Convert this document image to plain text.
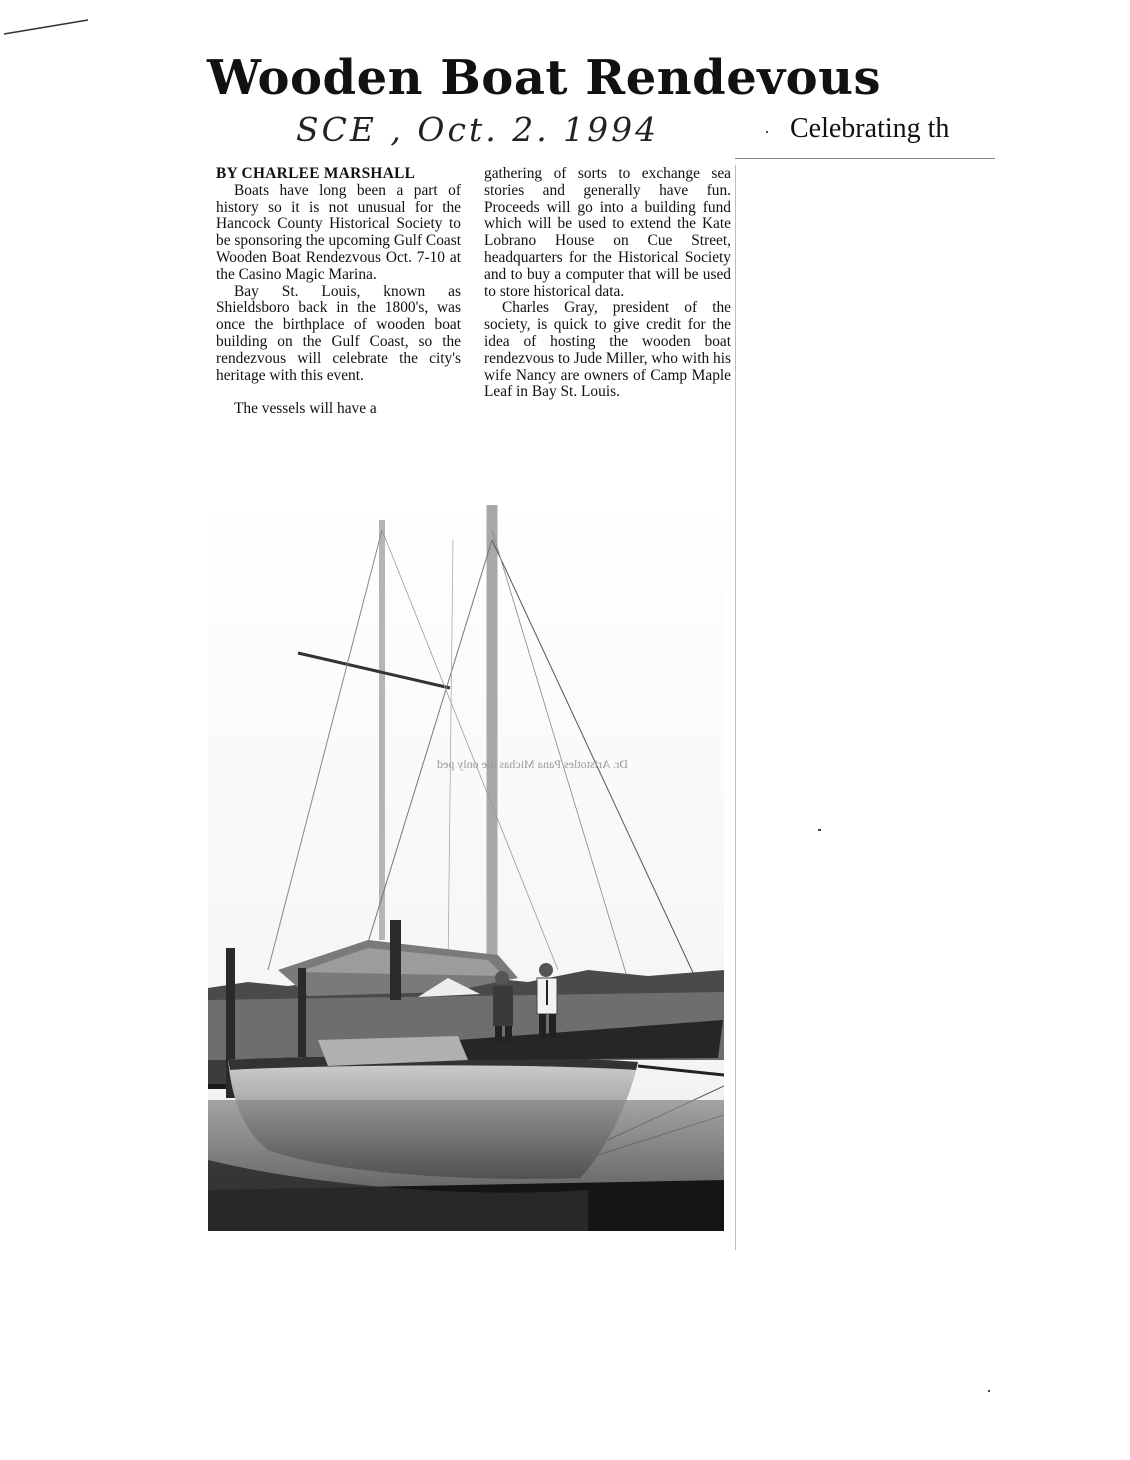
Wooden Boat Rendevous
SCE , Oct. 2. 1994	· Celebrating th

BY CHARLEE MARSHALL

Boats have long been a part of history so it is not unusual for the Hancock County Historical Society to be sponsoring the upcoming Gulf Coast Wooden Boat Rendezvous Oct. 7-10 at the Casino Magic Marina.

Bay St. Louis, known as Shieldsboro back in the 1800's, was once the birthplace of wooden boat building on the Gulf Coast, so the rendezvous will celebrate the city's heritage with this event.

The vessels will have a

gathering of sorts to exchange sea stories and generally have fun. Proceeds will go into a building fund which will be used to extend the Kate Lobrano House on Cue Street, headquarters for the Historical Society and to buy a computer that will be used to store historical data.

Charles Gray, president of the society, is quick to give credit for the idea of hosting the wooden boat rendezvous to Jude Miller, who with his wife Nancy are owners of Camp Maple Leaf in Bay St. Louis.

Dr. Aristotles Pana Michas the only ped
